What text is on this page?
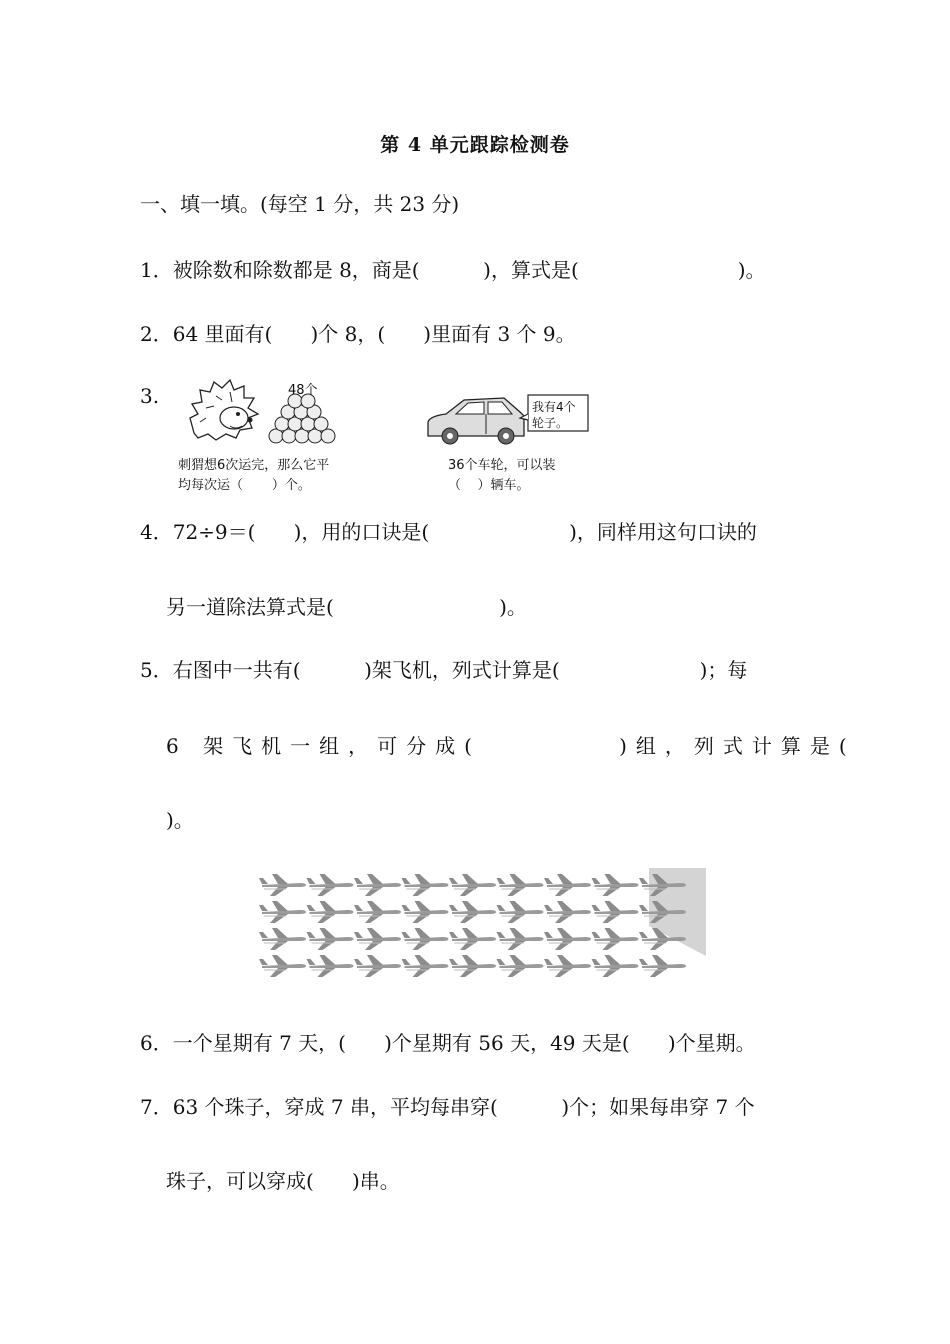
第 4 单元跟踪检测卷
一、填一填。(每空 1 分，共 23 分)
1．被除数和除数都是 8，商是(          )，算式是(                         )。
2．64 里面有(      )个 8，(      )里面有 3 个 9。
3.	48个
刺猬想6次运完，那么它平
均每次运（       ）个。
我有4个
轮子。
36个车轮，可以装
（    ）辆车。
4．72÷9＝(      )，用的口诀是(                      )，同样用这句口诀的
另一道除法算式是(                          )。
5．右图中一共有(          )架飞机，列式计算是(                      )；每
6 架飞机一组，可分成(         )组，列式计算是(
)。
6．一个星期有 7 天，(      )个星期有 56 天，49 天是(      )个星期。
7．63 个珠子，穿成 7 串，平均每串穿(          )个；如果每串穿 7 个
珠子，可以穿成(      )串。
